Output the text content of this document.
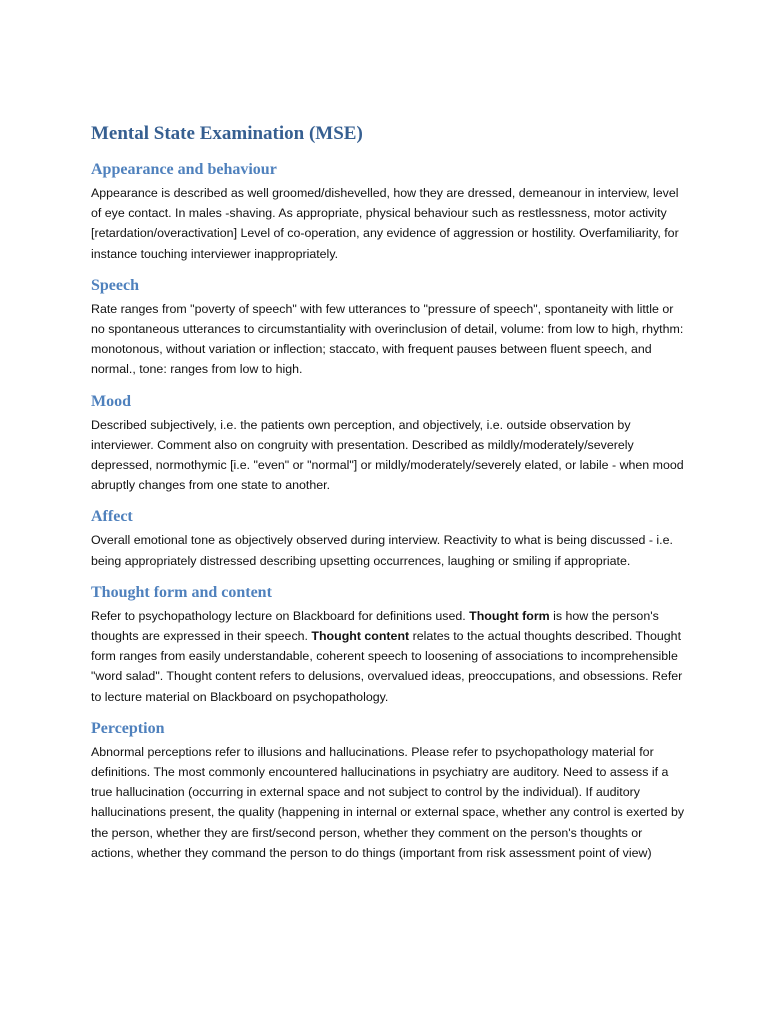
Mental State Examination (MSE)
Appearance and behaviour

Appearance is described as well groomed/dishevelled, how they are dressed, demeanour in interview, level of eye contact. In males -shaving. As appropriate, physical behaviour such as restlessness, motor activity [retardation/overactivation] Level of co-operation, any evidence of aggression or hostility. Overfamiliarity, for instance touching interviewer inappropriately.

Speech

Rate ranges from "poverty of speech" with few utterances to "pressure of speech", spontaneity with little or no spontaneous utterances to circumstantiality with overinclusion of detail, volume: from low to high, rhythm: monotonous, without variation or inflection; staccato, with frequent pauses between fluent speech, and normal., tone: ranges from low to high.

Mood

Described subjectively, i.e. the patients own perception, and objectively, i.e. outside observation by interviewer. Comment also on congruity with presentation. Described as mildly/moderately/severely depressed, normothymic [i.e. "even" or "normal"] or mildly/moderately/severely elated, or labile - when mood abruptly changes from one state to another.

Affect

Overall emotional tone as objectively observed during interview. Reactivity to what is being discussed - i.e. being appropriately distressed describing upsetting occurrences, laughing or smiling if appropriate.

Thought form and content

Refer to psychopathology lecture on Blackboard for definitions used. Thought form is how the person's thoughts are expressed in their speech. Thought content relates to the actual thoughts described. Thought form ranges from easily understandable, coherent speech to loosening of associations to incomprehensible "word salad". Thought content refers to delusions, overvalued ideas, preoccupations, and obsessions. Refer to lecture material on Blackboard on psychopathology.

Perception

Abnormal perceptions refer to illusions and hallucinations. Please refer to psychopathology material for definitions. The most commonly encountered hallucinations in psychiatry are auditory. Need to assess if a true hallucination (occurring in external space and not subject to control by the individual). If auditory hallucinations present, the quality (happening in internal or external space, whether any control is exerted by the person, whether they are first/second person, whether they comment on the person's thoughts or actions, whether they command the person to do things (important from risk assessment point of view)
